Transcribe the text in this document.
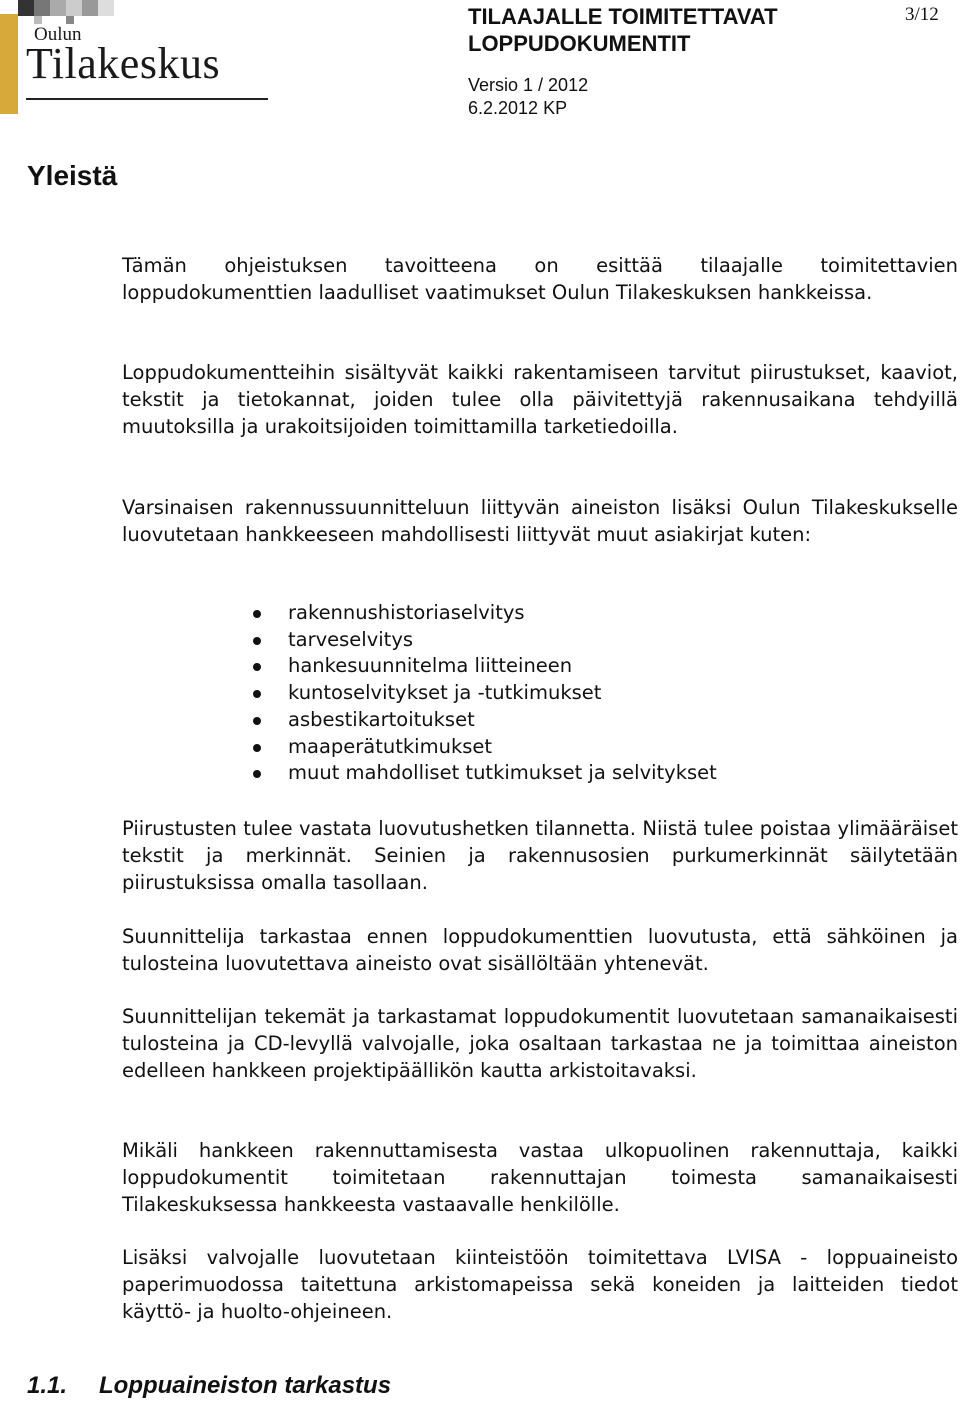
Oulun
Tilakeskus
TILAAJALLE TOIMITETTAVAT
LOPPUDOKUMENTIT
Versio 1 / 2012
6.2.2012 KP
3/12
Yleistä

Tämän ohjeistuksen tavoitteena on esittää tilaajalle toimitettavien loppudokumenttien laadulliset vaatimukset Oulun Tilakeskuksen hankkeissa.

Loppudokumentteihin sisältyvät kaikki rakentamiseen tarvitut piirustukset, kaaviot, tekstit ja tietokannat, joiden tulee olla päivitettyjä rakennusaikana tehdyillä muutoksilla ja urakoitsijoiden toimittamilla tarketiedoilla.

Varsinaisen rakennussuunnitteluun liittyvän aineiston lisäksi Oulun Tilakeskukselle luovutetaan hankkeeseen mahdollisesti liittyvät muut asiakirjat kuten:

rakennushistoriaselvitys
tarveselvitys
hankesuunnitelma liitteineen
kuntoselvitykset ja -tutkimukset
asbestikartoitukset
maaperätutkimukset
muut mahdolliset tutkimukset ja selvitykset

Piirustusten tulee vastata luovutushetken tilannetta. Niistä tulee poistaa ylimääräiset tekstit ja merkinnät. Seinien ja rakennusosien purkumerkinnät säilytetään piirustuksissa omalla tasollaan.

Suunnittelija tarkastaa ennen loppudokumenttien luovutusta, että sähköinen ja tulosteina luovutettava aineisto ovat sisällöltään yhtenevät.

Suunnittelijan tekemät ja tarkastamat loppudokumentit luovutetaan samanaikaisesti tulosteina ja CD-levyllä valvojalle, joka osaltaan tarkastaa ne ja toimittaa aineiston edelleen hankkeen projektipäällikön kautta arkistoitavaksi.

Mikäli hankkeen rakennuttamisesta vastaa ulkopuolinen rakennuttaja, kaikki loppudokumentit toimitetaan rakennuttajan toimesta samanaikaisesti Tilakeskuksessa hankkeesta vastaavalle henkilölle.

Lisäksi valvojalle luovutetaan kiinteistöön toimitettava LVISA - loppuaineisto paperimuodossa taitettuna arkistomapeissa sekä koneiden ja laitteiden tiedot käyttö- ja huolto-ohjeineen.

1.1. Loppuaineiston tarkastus
